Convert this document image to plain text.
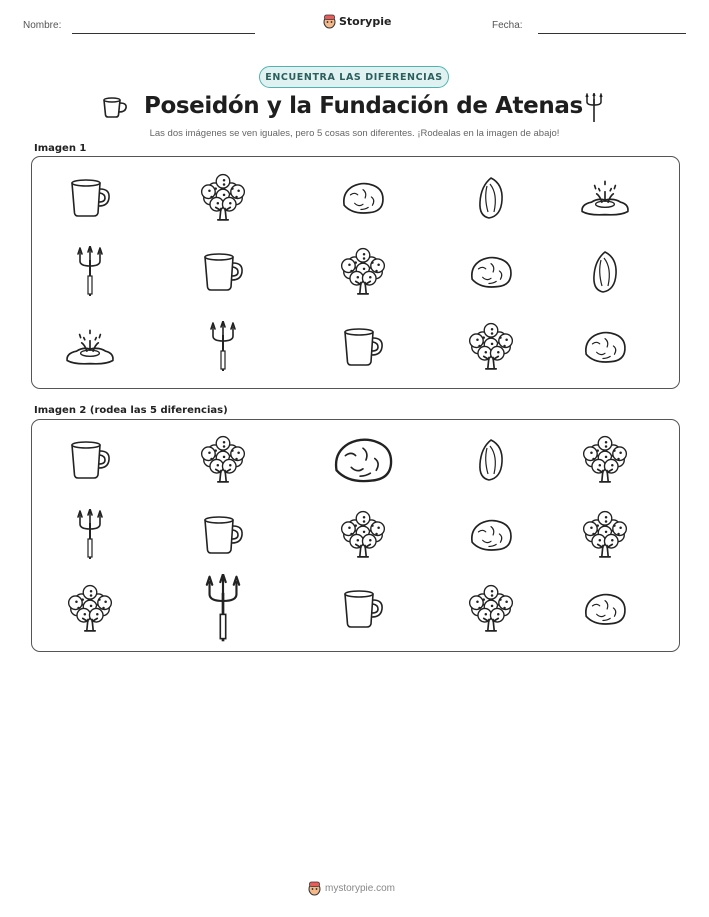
Nombre:	Storypie	Fecha:
ENCUENTRA LAS DIFERENCIAS
Poseidón y la Fundación de Atenas
Las dos imágenes se ven iguales, pero 5 cosas son diferentes. ¡Rodealas en la imagen de abajo!
Imagen 1
Imagen 2 (rodea las 5 diferencias)
mystorypie.com
